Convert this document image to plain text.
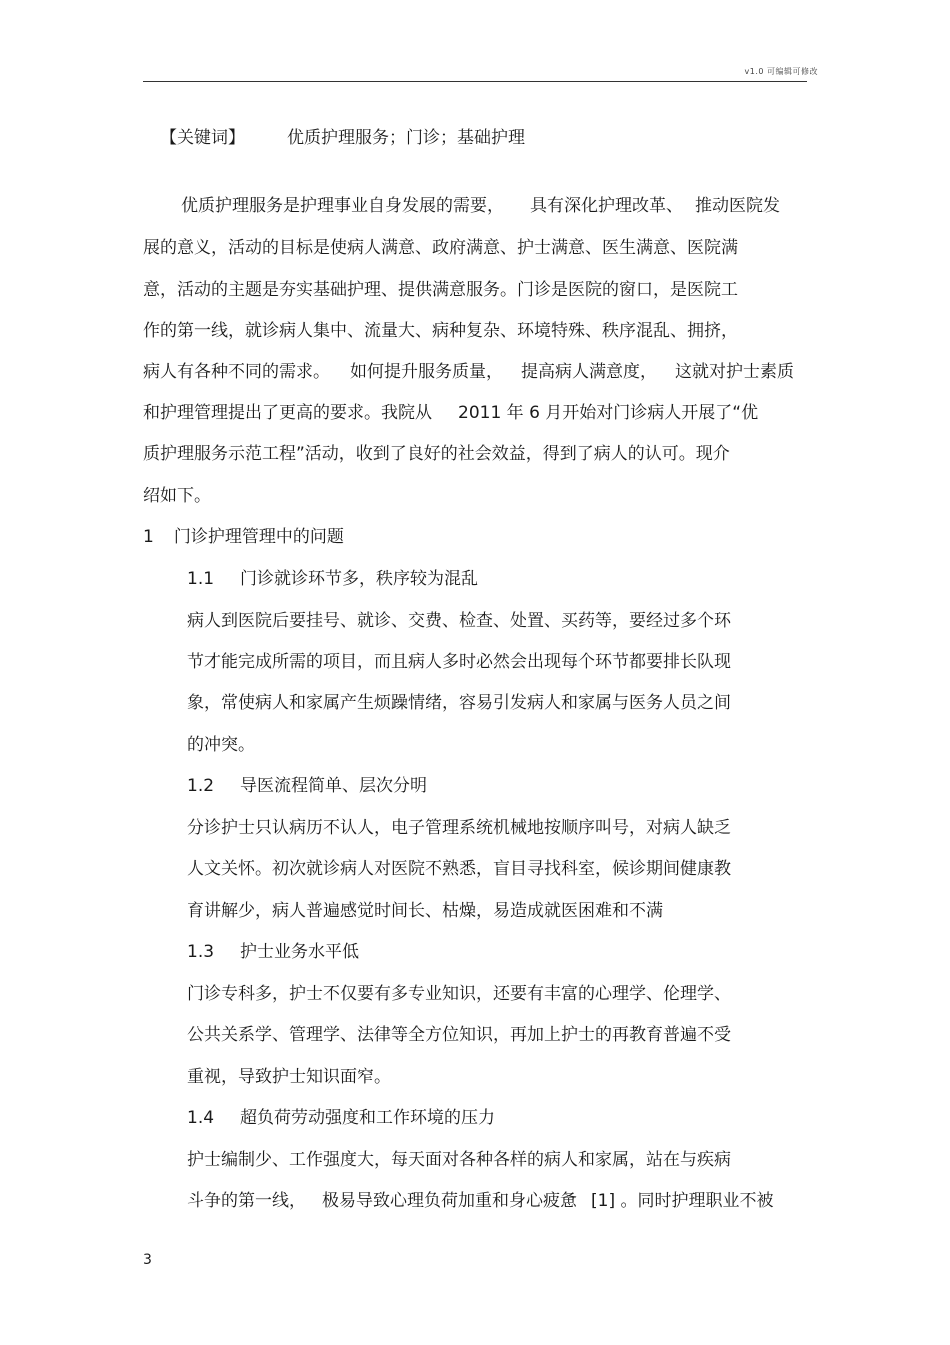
v1.0 可编辑可修改
【关键词】 优质护理服务；门诊；基础护理
优质护理服务是护理事业自身发展的需要， 具有深化护理改革、 推动医院发
展的意义，活动的目标是使病人满意、政府满意、护士满意、医生满意、医院满
意，活动的主题是夯实基础护理、提供满意服务。门诊是医院的窗口，是医院工
作的第一线，就诊病人集中、流量大、病种复杂、环境特殊、秩序混乱、拥挤，
病人有各种不同的需求。 如何提升服务质量， 提高病人满意度， 这就对护士素质
和护理管理提出了更高的要求。我院从 2011 年 6 月开始对门诊病人开展了“优
质护理服务示范工程”活动，收到了良好的社会效益，得到了病人的认可。现介
绍如下。
1 门诊护理管理中的问题
1.1 门诊就诊环节多，秩序较为混乱
病人到医院后要挂号、就诊、交费、检查、处置、买药等，要经过多个环
节才能完成所需的项目，而且病人多时必然会出现每个环节都要排长队现
象，常使病人和家属产生烦躁情绪，容易引发病人和家属与医务人员之间
的冲突。
1.2 导医流程简单、层次分明
分诊护士只认病历不认人，电子管理系统机械地按顺序叫号，对病人缺乏
人文关怀。初次就诊病人对医院不熟悉，盲目寻找科室，候诊期间健康教
育讲解少，病人普遍感觉时间长、枯燥，易造成就医困难和不满
1.3 护士业务水平低
门诊专科多，护士不仅要有多专业知识，还要有丰富的心理学、伦理学、
公共关系学、管理学、法律等全方位知识，再加上护士的再教育普遍不受
重视，导致护士知识面窄。
1.4 超负荷劳动强度和工作环境的压力
护士编制少、工作强度大，每天面对各种各样的病人和家属，站在与疾病
斗争的第一线， 极易导致心理负荷加重和身心疲惫 [1] 。同时护理职业不被
3
